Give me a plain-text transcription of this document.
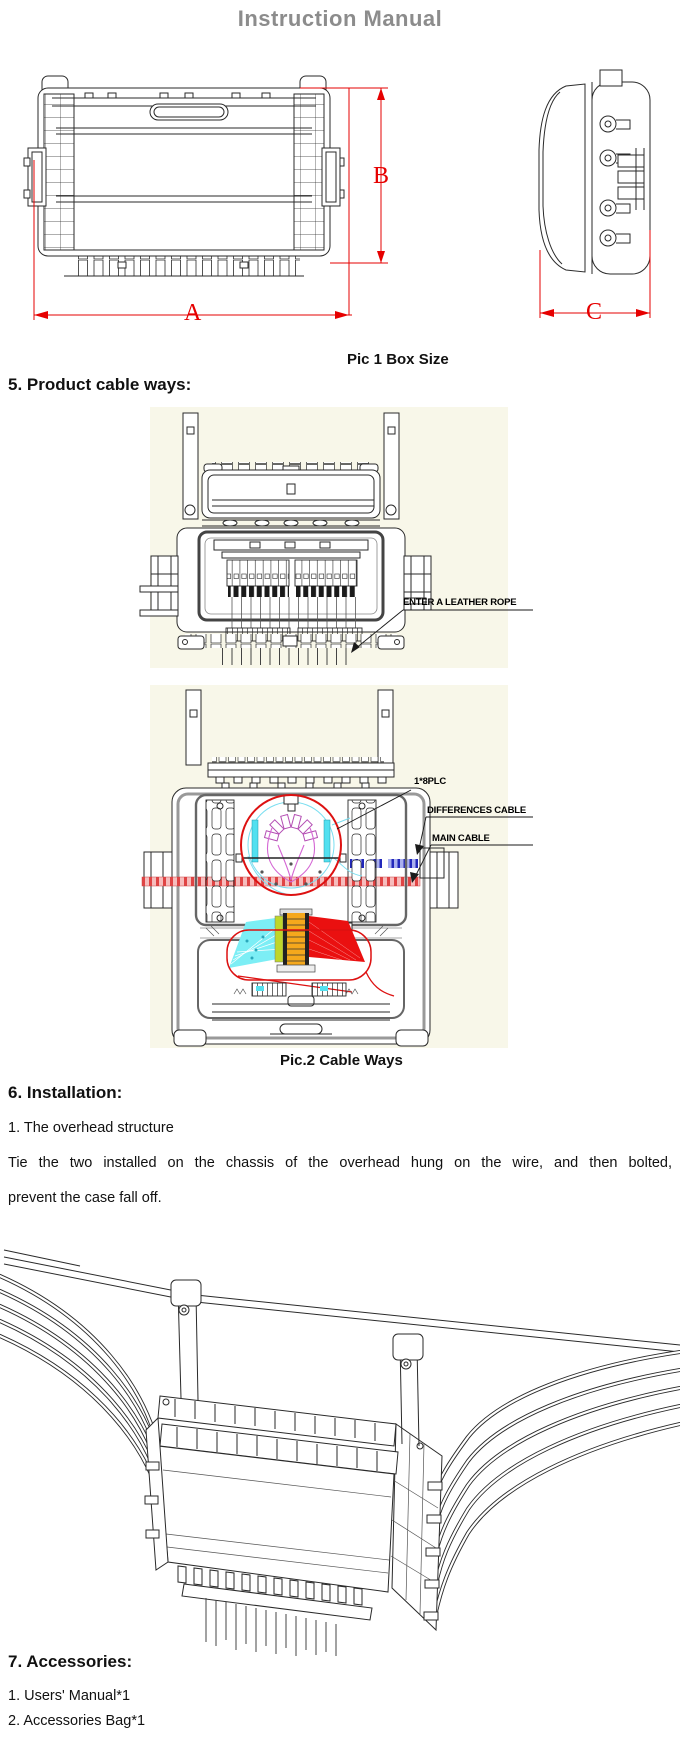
Instruction Manual
A
B
C
Pic 1 Box Size
5. Product cable ways:
ENTER A LEATHER ROPE
1*8PLC
DIFFERENCES CABLE
MAIN CABLE
Pic.2 Cable Ways
6. Installation:
1. The overhead structure
Tie the two installed on the chassis of the overhead hung on the wire, and then bolted,
prevent the case fall off.
7. Accessories:
1. Users' Manual*1
2. Accessories Bag*1
